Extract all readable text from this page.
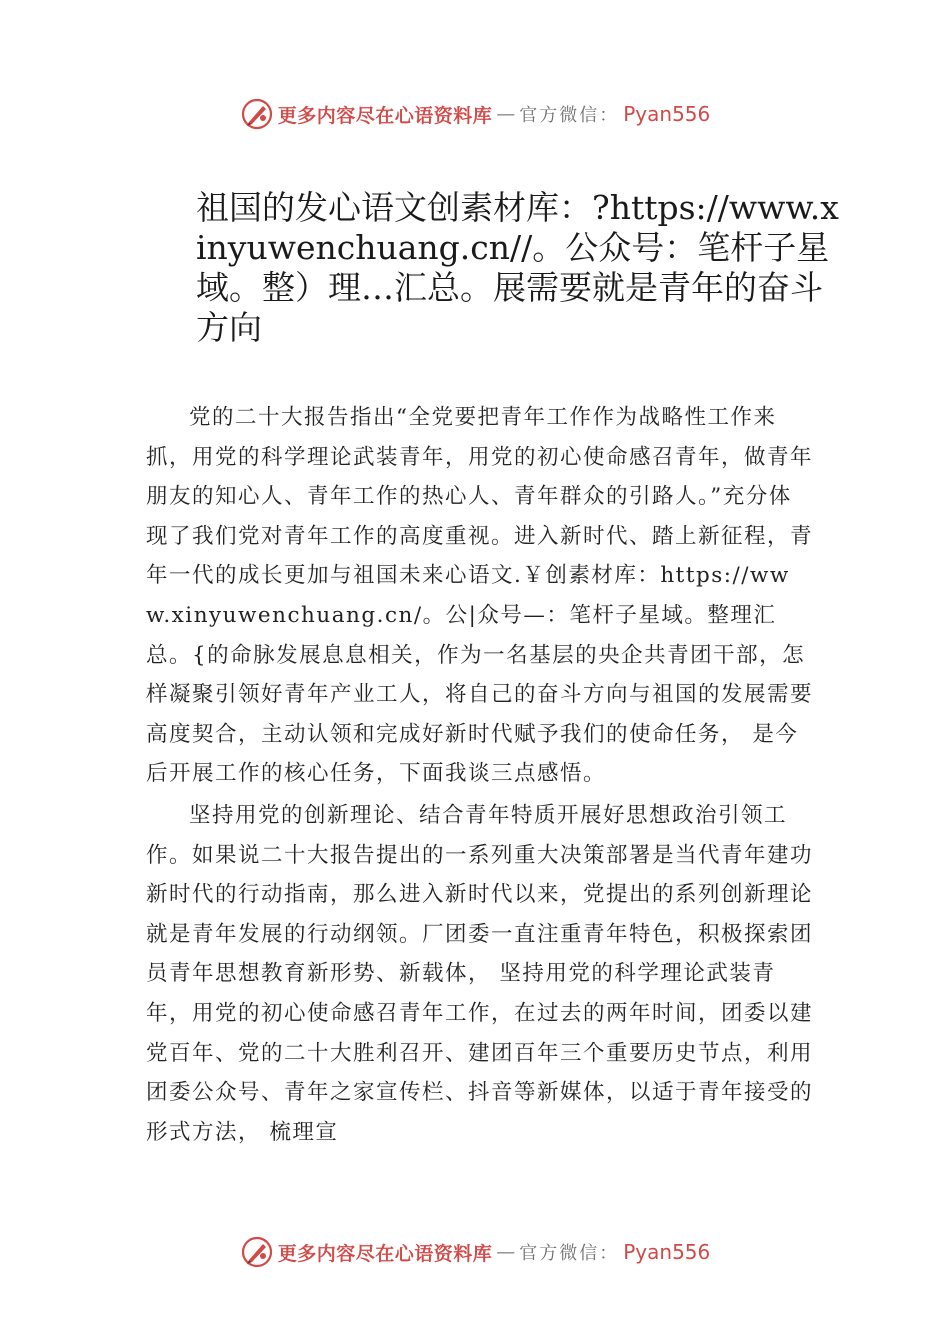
更多内容尽在心语资料库 — 官方微信： Pyan556
祖国的发心语文创素材库：?https://www.xinyuwenchuang.cn//。公众号：笔杆子星域。整）理…汇总。展需要就是青年的奋斗方向

党的二十大报告指出“全党要把青年工作作为战略性工作来抓，用党的科学理论武装青年，用党的初心使命感召青年，做青年朋友的知心人、青年工作的热心人、青年群众的引路人。”充分体现了我们党对青年工作的高度重视。进入新时代、踏上新征程，青年一代的成长更加与祖国未来心语文.￥创素材库：https://www.xinyuwenchuang.cn/。公|众号—：笔杆子星域。整理汇总。{的命脉发展息息相关，作为一名基层的央企共青团干部，怎样凝聚引领好青年产业工人，将自己的奋斗方向与祖国的发展需要高度契合，主动认领和完成好新时代赋予我们的使命任务， 是今后开展工作的核心任务，下面我谈三点感悟。

坚持用党的创新理论、结合青年特质开展好思想政治引领工作。如果说二十大报告提出的一系列重大决策部署是当代青年建功新时代的行动指南，那么进入新时代以来，党提出的系列创新理论就是青年发展的行动纲领。厂团委一直注重青年特色，积极探索团员青年思想教育新形势、新载体， 坚持用党的科学理论武装青年，用党的初心使命感召青年工作，在过去的两年时间，团委以建党百年、党的二十大胜利召开、建团百年三个重要历史节点，利用团委公众号、青年之家宣传栏、抖音等新媒体，以适于青年接受的形式方法， 梳理宣

更多内容尽在心语资料库 — 官方微信： Pyan556
